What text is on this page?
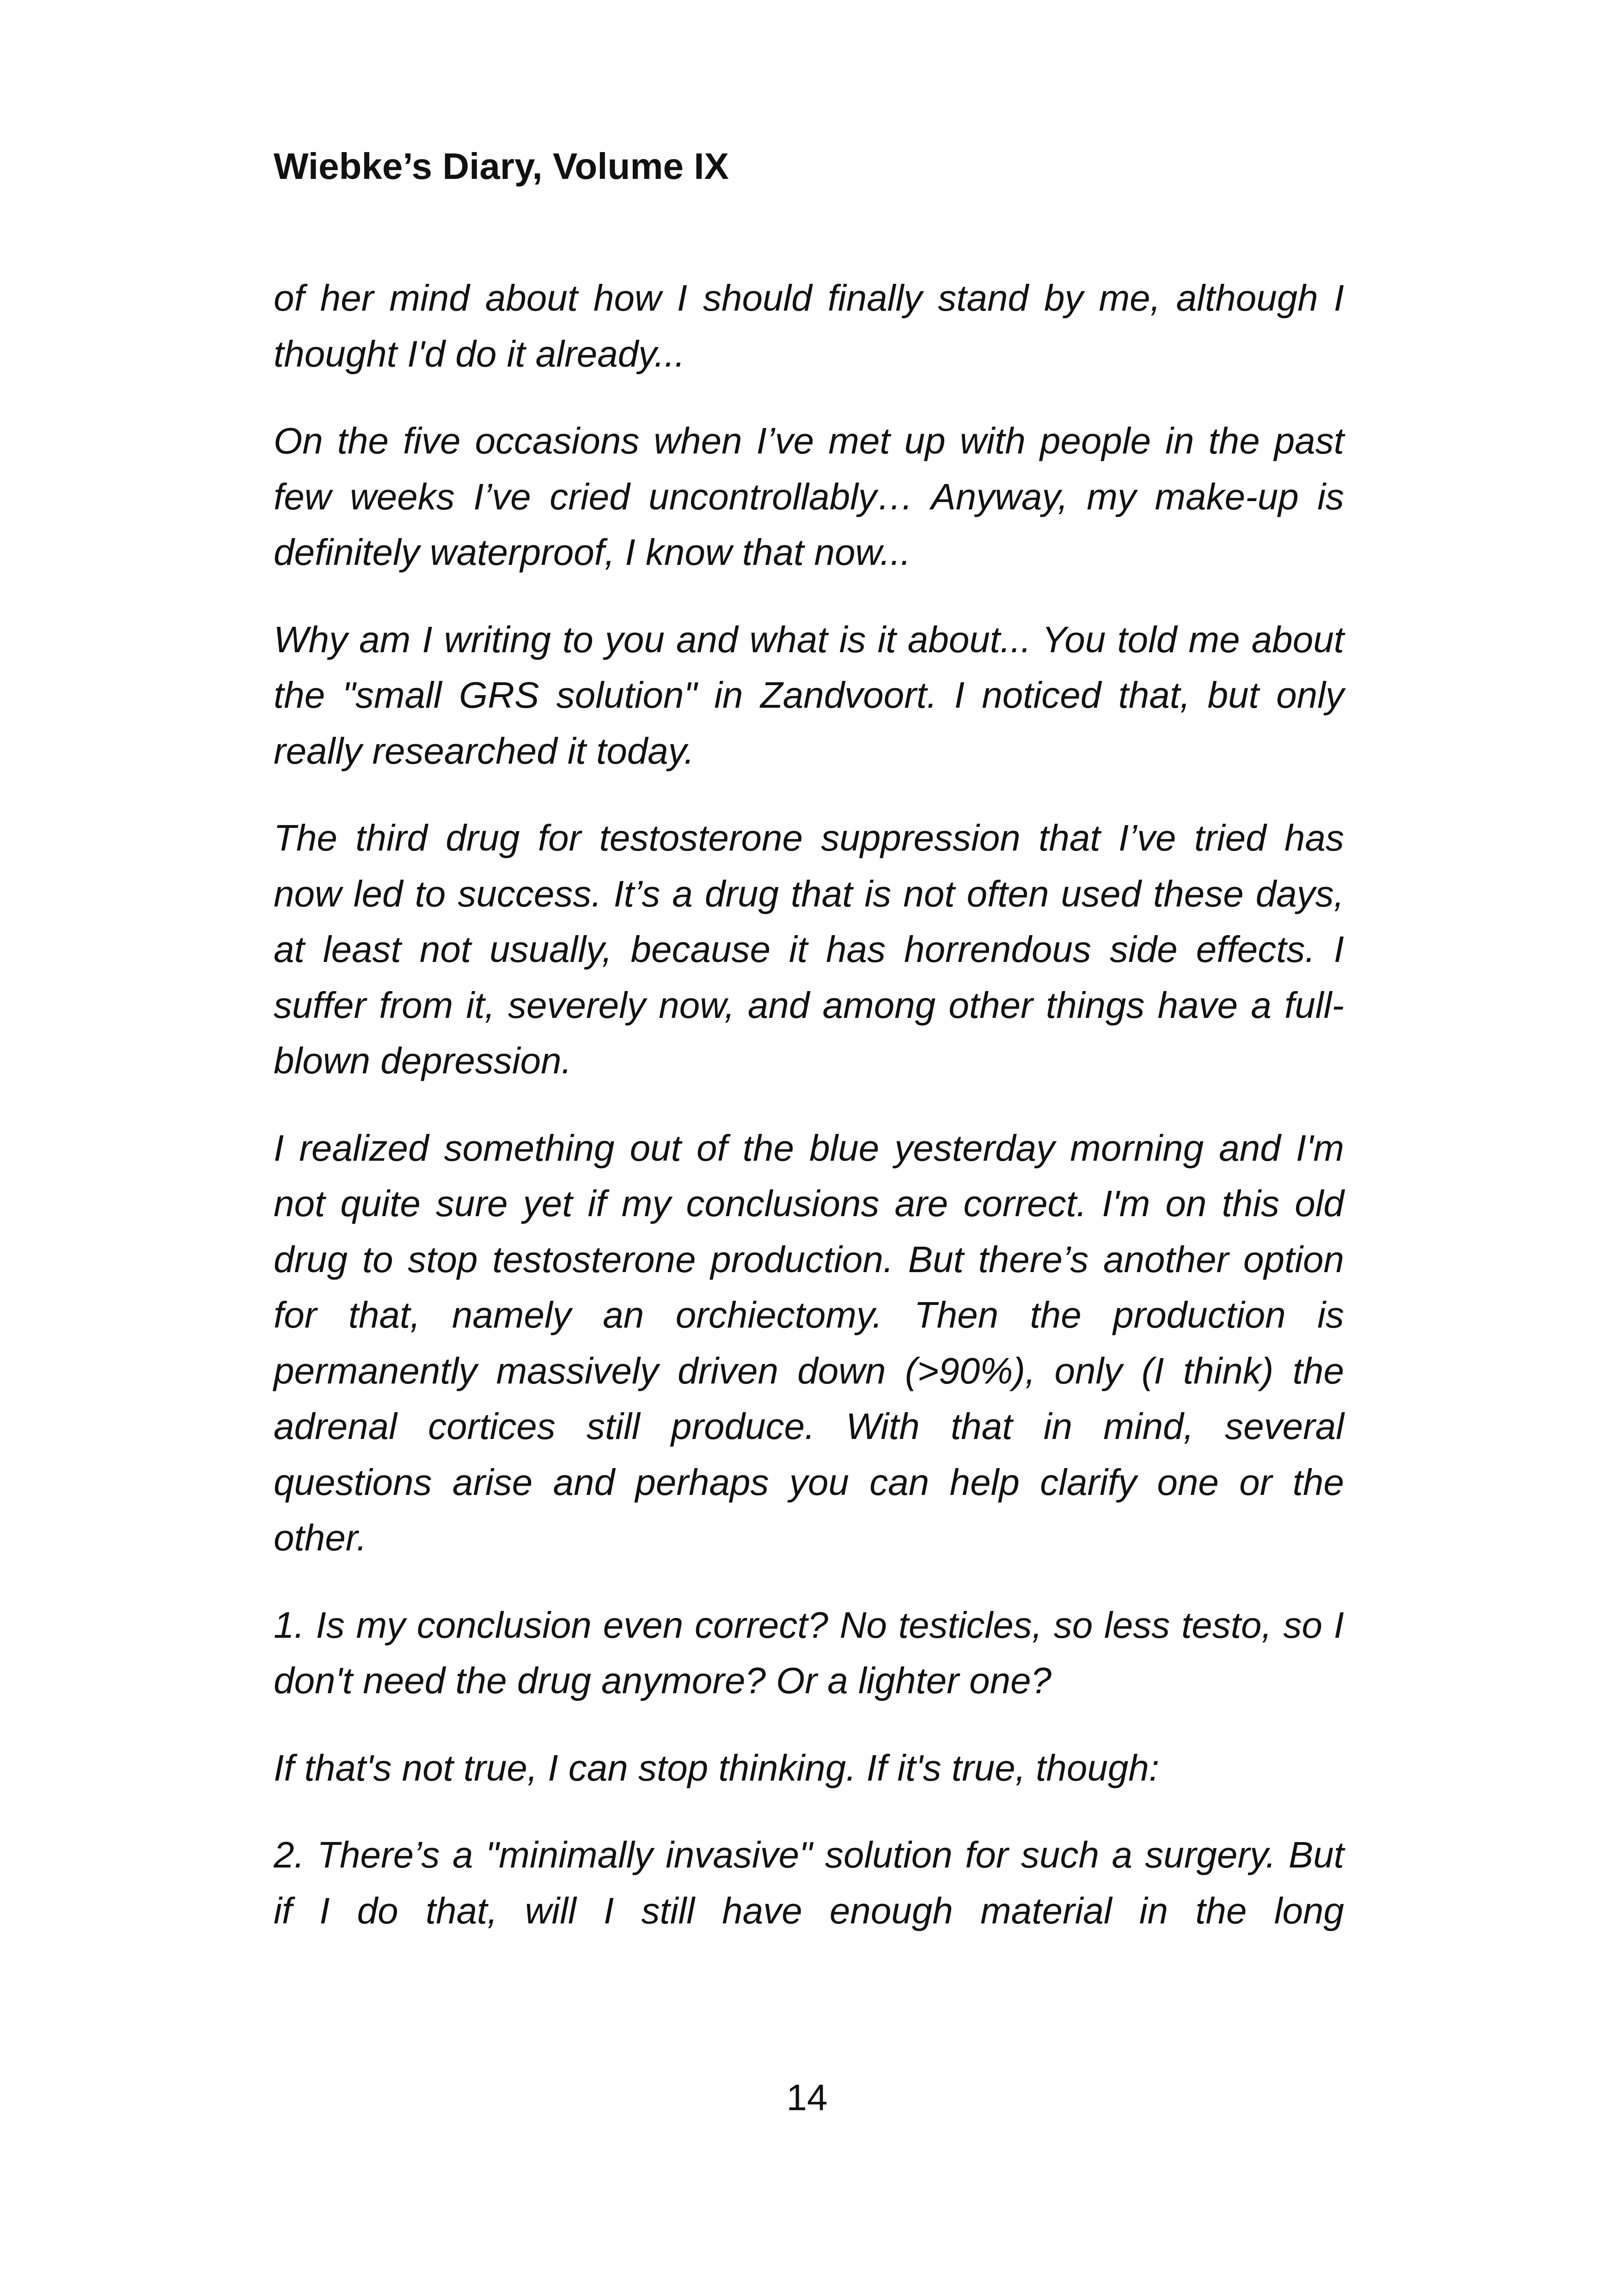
Wiebke’s Diary, Volume IX

of her mind about how I should finally stand by me, although I thought I'd do it already...

On the five occasions when I’ve met up with people in the past few weeks I’ve cried uncontrollably… Anyway, my make-up is definitely waterproof, I know that now...

Why am I writing to you and what is it about... You told me about the "small GRS solution" in Zandvoort. I noticed that, but only really researched it today.

The third drug for testosterone suppression that I’ve tried has now led to success. It’s a drug that is not often used these days, at least not usually, because it has horrendous side effects. I suffer from it, severely now, and among other things have a full- blown depression.

I realized something out of the blue yesterday morning and I'm not quite sure yet if my conclusions are correct. I'm on this old drug to stop testosterone production. But there’s another option for that, namely an orchiectomy. Then the production is permanently massively driven down (>90%), only (I think) the adrenal cortices still produce. With that in mind, several questions arise and perhaps you can help clarify one or the other.

1. Is my conclusion even correct? No testicles, so less testo, so I don't need the drug anymore? Or a lighter one?

If that's not true, I can stop thinking. If it's true, though:

2. There’s a "minimally invasive" solution for such a surgery. But if I do that, will I still have enough material in the long

14
